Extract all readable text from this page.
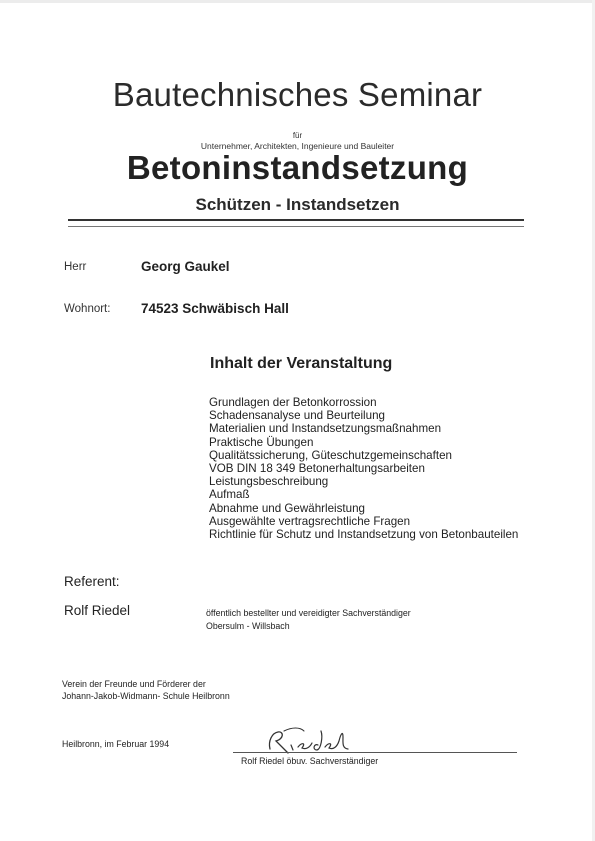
Bautechnisches Seminar
für
Unternehmer, Architekten, Ingenieure und Bauleiter
Betoninstandsetzung
Schützen - Instandsetzen
Herr	Georg Gaukel
Wohnort: 74523 Schwäbisch Hall
Inhalt der Veranstaltung
Grundlagen der Betonkorrossion
Schadensanalyse und Beurteilung
Materialien und Instandsetzungsmaßnahmen
Praktische Übungen
Qualitätssicherung, Güteschutzgemeinschaften
VOB DIN 18 349 Betonerhaltungsarbeiten
Leistungsbeschreibung
Aufmaß
Abnahme und Gewährleistung
Ausgewählte vertragsrechtliche Fragen
Richtlinie für Schutz und Instandsetzung von Betonbauteilen
Referent:
Rolf Riedel	öffentlich bestellter und vereidigter Sachverständiger
Obersulm - Willsbach
Verein der Freunde und Förderer der
Johann-Jakob-Widmann- Schule Heilbronn
Heilbronn, im Februar 1994
Rolf Riedel öbuv. Sachverständiger
